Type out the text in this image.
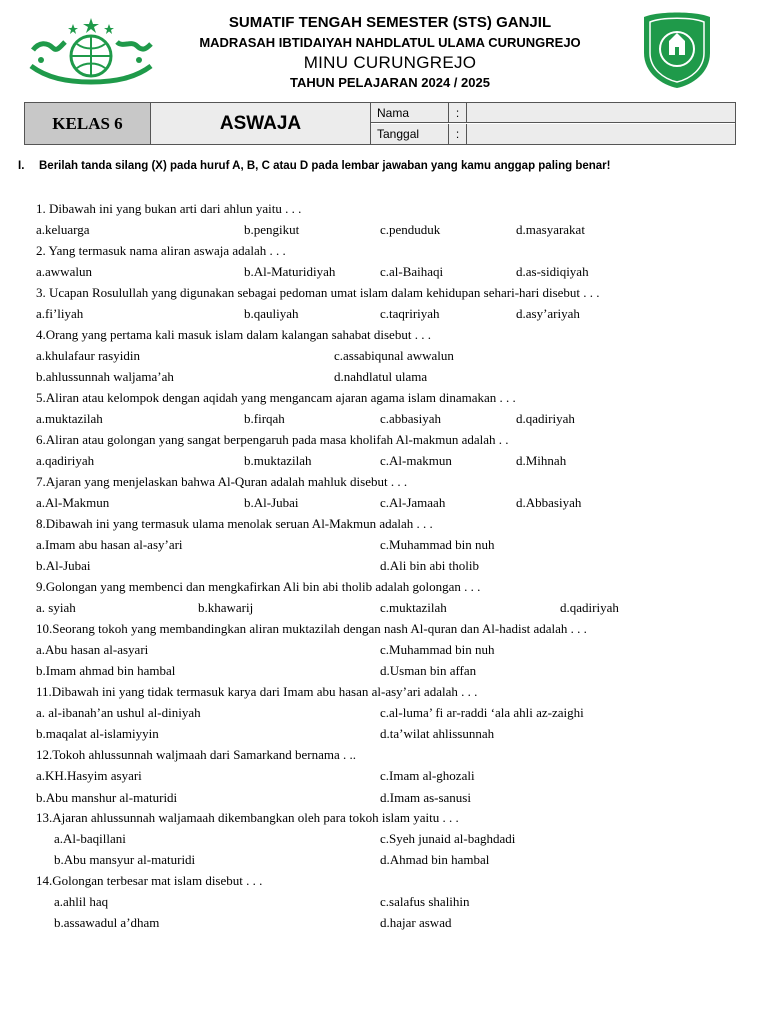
SUMATIF TENGAH SEMESTER (STS) GANJIL
MADRASAH IBTIDAIYAH NAHDLATUL ULAMA CURUNGREJO
MINU CURUNGREJO
TAHUN PELAJARAN 2024 / 2025
KELAS 6	ASWAJA	Nama	:
Tanggal	:
I. Berilah tanda silang (X) pada huruf A, B, C atau D pada lembar jawaban yang kamu anggap paling benar!
1. Dibawah ini yang bukan arti dari ahlun yaitu . . .
a.keluarga	b.pengikut	c.penduduk	d.masyarakat
2. Yang termasuk nama aliran aswaja adalah . . .
a.awwalun	b.Al-Maturidiyah	c.al-Baihaqi	d.as-sidiqiyah
3. Ucapan Rosulullah yang digunakan sebagai pedoman umat islam dalam kehidupan sehari-hari disebut . . .
a.fi’liyah	b.qauliyah	c.taqririyah	d.asy’ariyah
4.Orang yang pertama kali masuk islam dalam kalangan sahabat disebut . . .
a.khulafaur rasyidin	c.assabiqunal awwalun
b.ahlussunnah waljama’ah	d.nahdlatul ulama
5.Aliran atau kelompok dengan aqidah yang mengancam ajaran agama islam dinamakan . . .
a.muktazilah	b.firqah	c.abbasiyah	d.qadiriyah
6.Aliran atau golongan yang sangat berpengaruh pada masa kholifah Al-makmun adalah . .
a.qadiriyah	b.muktazilah	c.Al-makmun	d.Mihnah
7.Ajaran yang menjelaskan bahwa Al-Quran adalah mahluk disebut . . .
a.Al-Makmun	b.Al-Jubai	c.Al-Jamaah	d.Abbasiyah
8.Dibawah ini yang termasuk ulama menolak seruan Al-Makmun adalah . . .
a.Imam abu hasan al-asy’ari	c.Muhammad bin nuh
b.Al-Jubai	d.Ali bin abi tholib
9.Golongan yang membenci dan mengkafirkan Ali bin abi tholib adalah golongan . . .
a. syiah	b.khawarij	c.muktazilah	d.qadiriyah
10.Seorang tokoh yang membandingkan aliran muktazilah dengan nash Al-quran dan Al-hadist adalah . . .
a.Abu hasan al-asyari	c.Muhammad bin nuh
b.Imam ahmad bin hambal	d.Usman bin affan
11.Dibawah ini yang tidak termasuk karya dari Imam abu hasan al-asy’ari adalah . . .
a. al-ibanah’an ushul al-diniyah	c.al-luma’ fi ar-raddi ‘ala ahli az-zaighi
b.maqalat al-islamiyyin	d.ta’wilat ahlissunnah
12.Tokoh ahlussunnah waljmaah dari Samarkand bernama . ..
a.KH.Hasyim asyari	c.Imam al-ghozali
b.Abu manshur al-maturidi	d.Imam as-sanusi
13.Ajaran ahlussunnah waljamaah dikembangkan oleh para tokoh islam yaitu . . .
a.Al-baqillani	c.Syeh junaid al-baghdadi
b.Abu mansyur al-maturidi	d.Ahmad bin hambal
14.Golongan terbesar mat islam disebut . . .
a.ahlil haq	c.salafus shalihin
b.assawadul a’dham	d.hajar aswad
